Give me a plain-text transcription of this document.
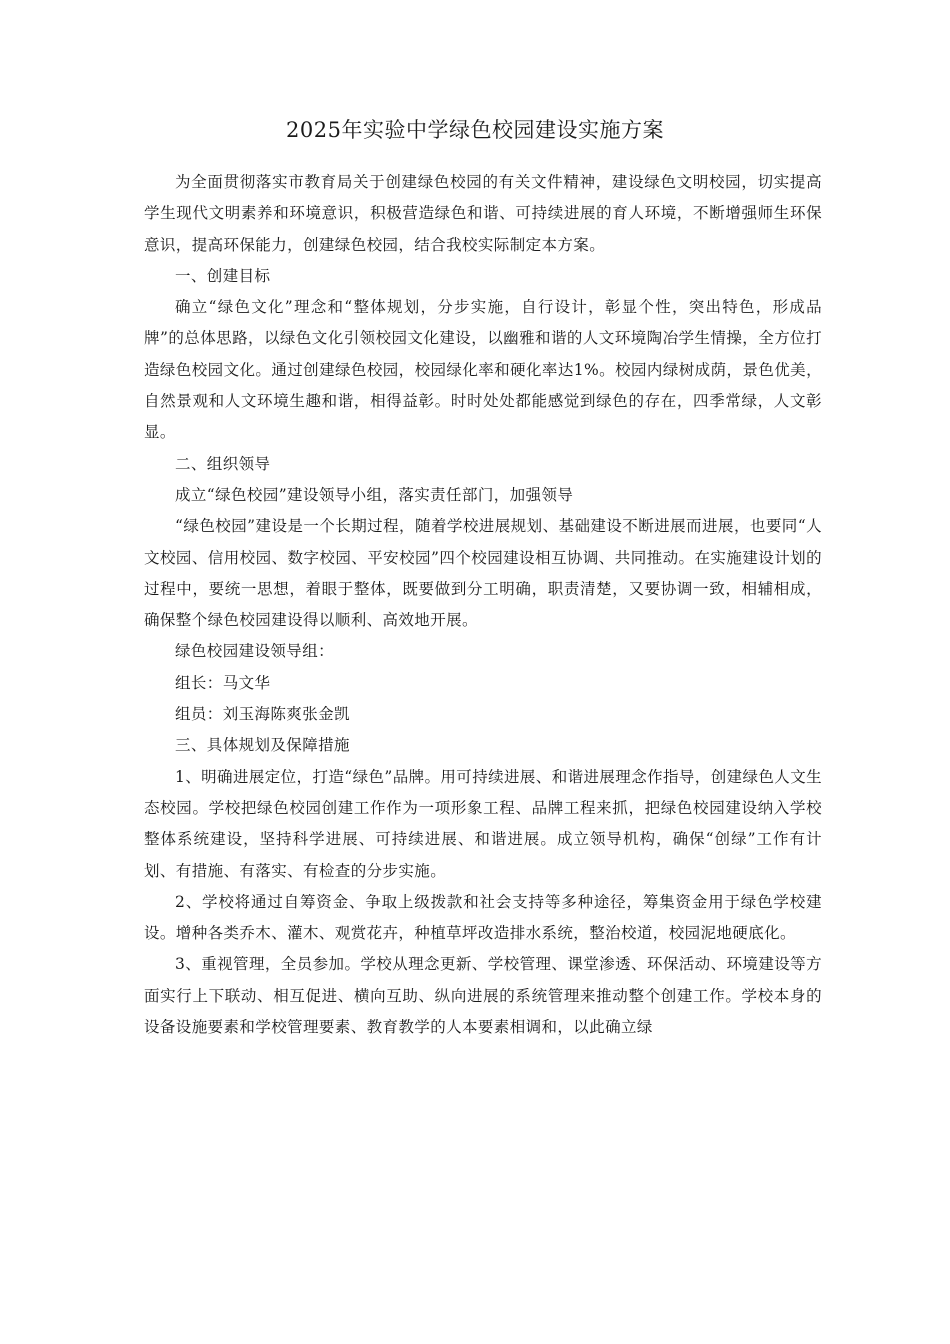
2025年实验中学绿色校园建设实施方案

为全面贯彻落实市教育局关于创建绿色校园的有关文件精神，建设绿色文明校园，切实提高学生现代文明素养和环境意识，积极营造绿色和谐、可持续进展的育人环境，不断增强师生环保意识，提高环保能力，创建绿色校园，结合我校实际制定本方案。

一、创建目标

确立“绿色文化”理念和“整体规划，分步实施，自行设计，彰显个性，突出特色，形成品牌”的总体思路，以绿色文化引领校园文化建设，以幽雅和谐的人文环境陶冶学生情操，全方位打造绿色校园文化。通过创建绿色校园，校园绿化率和硬化率达1%。校园内绿树成荫，景色优美，自然景观和人文环境生趣和谐，相得益彰。时时处处都能感觉到绿色的存在，四季常绿，人文彰显。

二、组织领导

成立“绿色校园”建设领导小组，落实责任部门，加强领导

“绿色校园”建设是一个长期过程，随着学校进展规划、基础建设不断进展而进展，也要同“人文校园、信用校园、数字校园、平安校园”四个校园建设相互协调、共同推动。在实施建设计划的过程中，要统一思想，着眼于整体，既要做到分工明确，职责清楚，又要协调一致，相辅相成，确保整个绿色校园建设得以顺利、高效地开展。

绿色校园建设领导组：

组长：马文华

组员：刘玉海陈爽张金凯

三、具体规划及保障措施

1、明确进展定位，打造“绿色”品牌。用可持续进展、和谐进展理念作指导，创建绿色人文生态校园。学校把绿色校园创建工作作为一项形象工程、品牌工程来抓，把绿色校园建设纳入学校整体系统建设，坚持科学进展、可持续进展、和谐进展。成立领导机构，确保“创绿”工作有计划、有措施、有落实、有检查的分步实施。

2、学校将通过自筹资金、争取上级拨款和社会支持等多种途径，筹集资金用于绿色学校建设。增种各类乔木、灌木、观赏花卉，种植草坪改造排水系统，整治校道，校园泥地硬底化。

3、重视管理，全员参加。学校从理念更新、学校管理、课堂渗透、环保活动、环境建设等方面实行上下联动、相互促进、横向互助、纵向进展的系统管理来推动整个创建工作。学校本身的设备设施要素和学校管理要素、教育教学的人本要素相调和，以此确立绿
